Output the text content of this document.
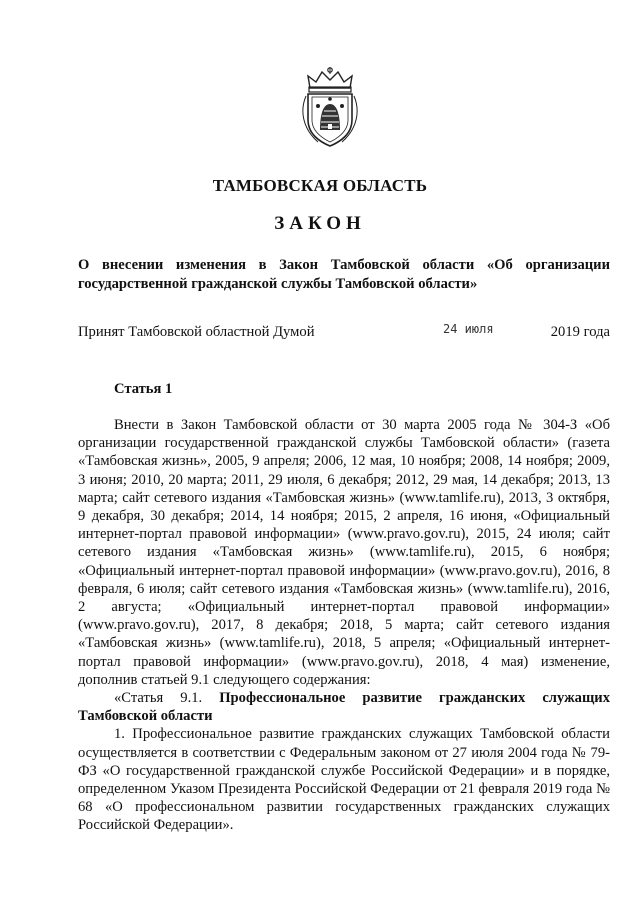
ТАМБОВСКАЯ ОБЛАСТЬ
ЗАКОН
О внесении изменения в Закон Тамбовской области «Об организации государственной гражданской службы Тамбовской области»
Принят Тамбовской областной Думой	24 июля	2019 года
Статья 1

Внести в Закон Тамбовской области от 30 марта 2005 года № 304-З «Об организации государственной гражданской службы Тамбовской области» (газета «Тамбовская жизнь», 2005, 9 апреля; 2006, 12 мая, 10 ноября; 2008, 14 ноября; 2009, 3 июня; 2010, 20 марта; 2011, 29 июля, 6 декабря; 2012, 29 мая, 14 декабря; 2013, 13 марта; сайт сетевого издания «Тамбовская жизнь» (www.tamlife.ru), 2013, 3 октября, 9 декабря, 30 декабря; 2014, 14 ноября; 2015, 2 апреля, 16 июня, «Официальный интернет-портал правовой информации» (www.pravo.gov.ru), 2015, 24 июля; сайт сетевого издания «Тамбовская жизнь» (www.tamlife.ru), 2015, 6 ноября; «Официальный интернет-портал правовой информации» (www.pravo.gov.ru), 2016, 8 февраля, 6 июля; сайт сетевого издания «Тамбовская жизнь» (www.tamlife.ru), 2016, 2 августа; «Официальный интернет-портал правовой информации» (www.pravo.gov.ru), 2017, 8 декабря; 2018, 5 марта; сайт сетевого издания «Тамбовская жизнь» (www.tamlife.ru), 2018, 5 апреля; «Официальный интернет-портал правовой информации» (www.pravo.gov.ru), 2018, 4 мая) изменение, дополнив статьей 9.1 следующего содержания:

«Статья 9.1. Профессиональное развитие гражданских служащих Тамбовской области

1. Профессиональное развитие гражданских служащих Тамбовской области осуществляется в соответствии с Федеральным законом от 27 июля 2004 года № 79-ФЗ «О государственной гражданской службе Российской Федерации» и в порядке, определенном Указом Президента Российской Федерации от 21 февраля 2019 года № 68 «О профессиональном развитии государственных гражданских служащих Российской Федерации».
